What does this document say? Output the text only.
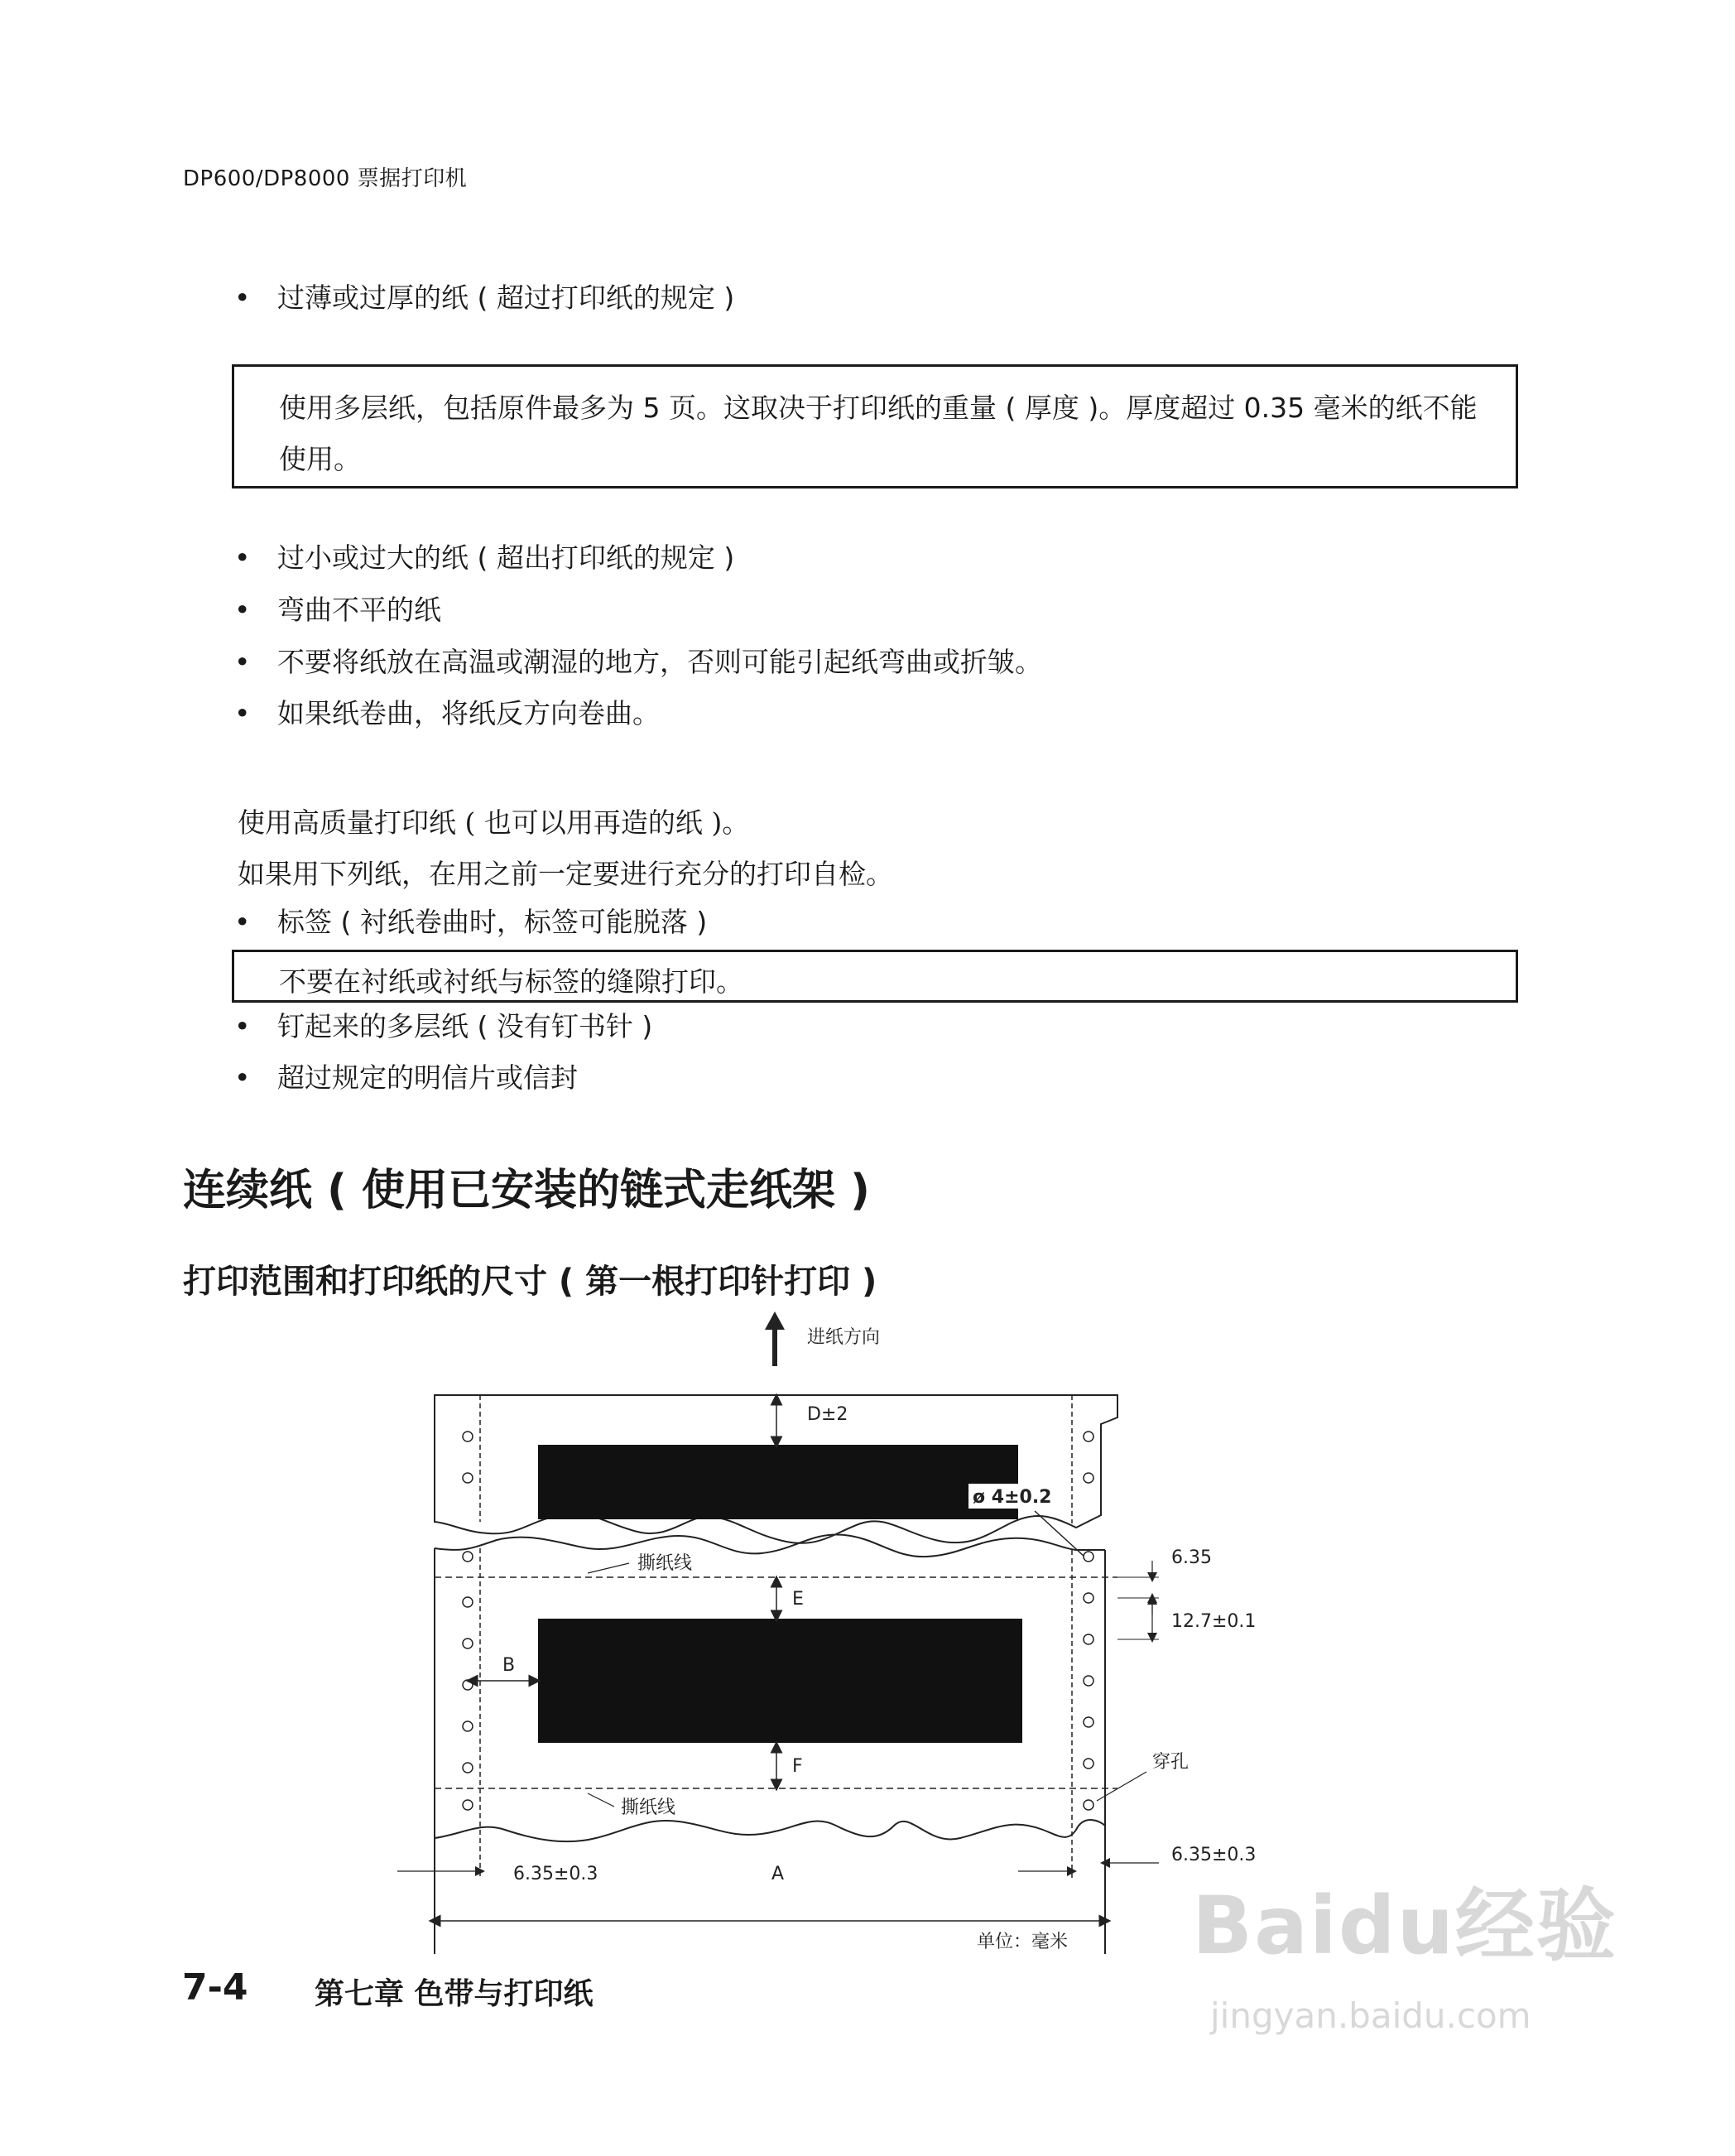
DP600/DP8000 票据打印机
• 过薄或过厚的纸 ( 超过打印纸的规定 )
使用多层纸，包括原件最多为 5 页。这取决于打印纸的重量 ( 厚度 )。厚度超过 0.35 毫米的纸不能
使用。
• 过小或过大的纸 ( 超出打印纸的规定 )
• 弯曲不平的纸
• 不要将纸放在高温或潮湿的地方，否则可能引起纸弯曲或折皱。
• 如果纸卷曲，将纸反方向卷曲。
使用高质量打印纸 ( 也可以用再造的纸 )。
如果用下列纸，在用之前一定要进行充分的打印自检。
• 标签 ( 衬纸卷曲时，标签可能脱落 )
不要在衬纸或衬纸与标签的缝隙打印。
• 钉起来的多层纸 ( 没有钉书针 )
• 超过规定的明信片或信封
连续纸 ( 使用已安装的链式走纸架 )
打印范围和打印纸的尺寸 ( 第一根打印针打印 )
进纸方向
D±2
ø 4±0.2
撕纸线
撕纸线
E
F
B
6.35
12.7±0.1
穿孔
6.35±0.3
6.35±0.3
A
单位：毫米
7-4 第七章 色带与打印纸
Baidu经验
jingyan.baidu.com
